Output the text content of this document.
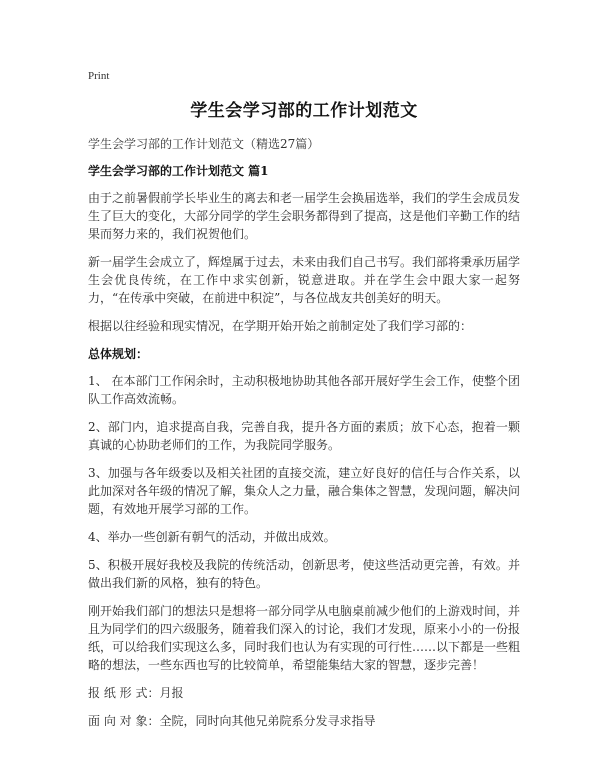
Print
学生会学习部的工作计划范文
学生会学习部的工作计划范文（精选27篇）
学生会学习部的工作计划范文 篇1

由于之前暑假前学长毕业生的离去和老一届学生会换届选举，我们的学生会成员发生了巨大的变化，大部分同学的学生会职务都得到了提高，这是他们辛勤工作的结果而努力来的，我们祝贺他们。

新一届学生会成立了，辉煌属于过去，未来由我们自己书写。我们部将秉承历届学生会优良传统，在工作中求实创新，锐意进取。并在学生会中跟大家一起努力，“在传承中突破，在前进中积淀”，与各位战友共创美好的明天。

根据以往经验和现实情况，在学期开始开始之前制定处了我们学习部的：

总体规划：

1、 在本部门工作闲余时，主动积极地协助其他各部开展好学生会工作，使整个团队工作高效流畅。

2、部门内，追求提高自我，完善自我，提升各方面的素质；放下心态，抱着一颗真诚的心协助老师们的工作，为我院同学服务。

3、加强与各年级委以及相关社团的直接交流，建立好良好的信任与合作关系，以此加深对各年级的情况了解，集众人之力量，融合集体之智慧，发现问题，解决问题，有效地开展学习部的工作。

4、举办一些创新有朝气的活动，并做出成效。

5、积极开展好我校及我院的传统活动，创新思考，使这些活动更完善，有效。并做出我们新的风格，独有的特色。

刚开始我们部门的想法只是想将一部分同学从电脑桌前减少他们的上游戏时间，并且为同学们的四六级服务，随着我们深入的讨论，我们才发现，原来小小的一份报纸，可以给我们实现这么多，同时我们也认为有实现的可行性……以下都是一些粗略的想法，一些东西也写的比较简单，希望能集结大家的智慧，逐步完善！

报 纸 形 式：月报

面 向 对 象：全院，同时向其他兄弟院系分发寻求指导
